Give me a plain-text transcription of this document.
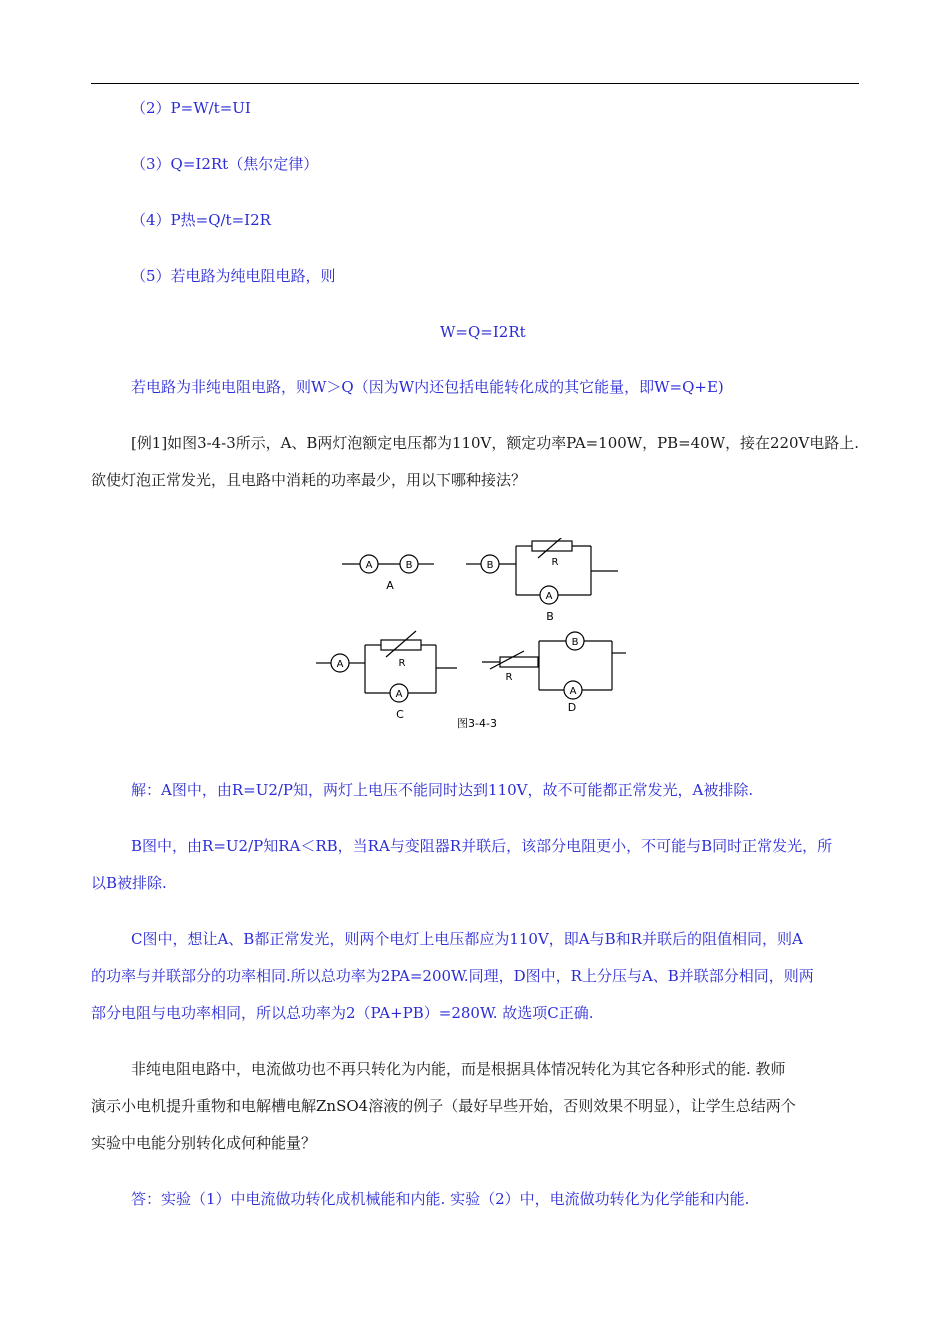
（2）P=W/t=UI
（3）Q=I2Rt（焦尔定律）
（4）P热=Q/t=I2R
（5）若电路为纯电阻电路，则
W=Q=I2Rt
若电路为非纯电阻电路，则W＞Q（因为W内还包括电能转化成的其它能量，即W=Q+E)
[例1]如图3-4-3所示，A、B两灯泡额定电压都为110V，额定功率PA=100W，PB=40W，接在220V电路上.
欲使灯泡正常发光，且电路中消耗的功率最少，用以下哪种接法？
A	B
A
B	R
A
B
A	R
A
C
R
B
A
D
图3-4-3
解：A图中，由R=U2/P知，两灯上电压不能同时达到110V，故不可能都正常发光，A被排除.
B图中，由R=U2/P知RA＜RB，当RA与变阻器R并联后，该部分电阻更小，不可能与B同时正常发光，所
以B被排除.
C图中，想让A、B都正常发光，则两个电灯上电压都应为110V，即A与B和R并联后的阻值相同，则A
的功率与并联部分的功率相同.所以总功率为2PA=200W.同理，D图中，R上分压与A、B并联部分相同，则两
部分电阻与电功率相同，所以总功率为2（PA+PB）=280W. 故选项C正确.
非纯电阻电路中，电流做功也不再只转化为内能，而是根据具体情况转化为其它各种形式的能. 教师
演示小电机提升重物和电解槽电解ZnSO4溶液的例子（最好早些开始，否则效果不明显），让学生总结两个
实验中电能分别转化成何种能量？
答：实验（1）中电流做功转化成机械能和内能. 实验（2）中，电流做功转化为化学能和内能.
